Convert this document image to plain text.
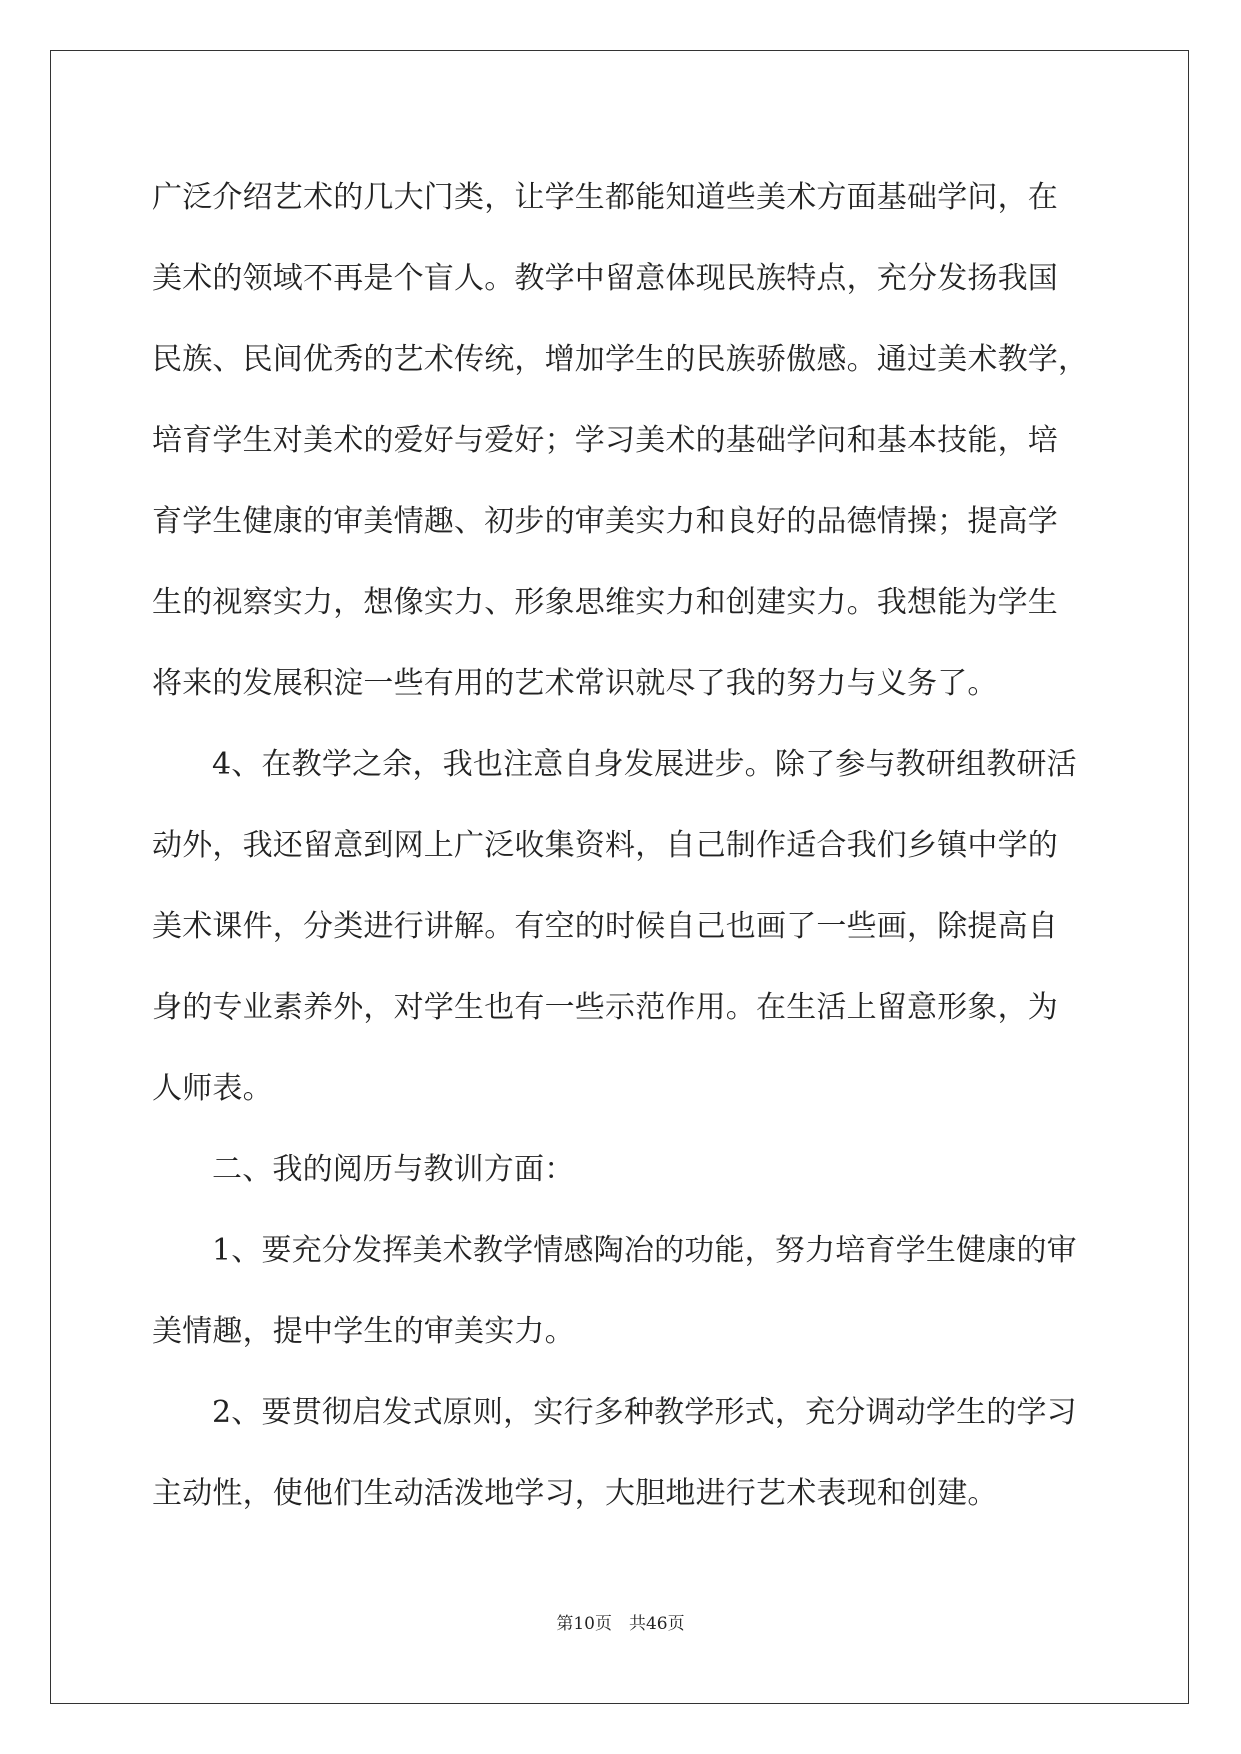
广泛介绍艺术的几大门类，让学生都能知道些美术方面基础学问，在
美术的领域不再是个盲人。教学中留意体现民族特点，充分发扬我国
民族、民间优秀的艺术传统，增加学生的民族骄傲感。通过美术教学，
培育学生对美术的爱好与爱好；学习美术的基础学问和基本技能，培
育学生健康的审美情趣、初步的审美实力和良好的品德情操；提高学
生的视察实力，想像实力、形象思维实力和创建实力。我想能为学生
将来的发展积淀一些有用的艺术常识就尽了我的努力与义务了。
4、在教学之余，我也注意自身发展进步。除了参与教研组教研活
动外，我还留意到网上广泛收集资料，自己制作适合我们乡镇中学的
美术课件，分类进行讲解。有空的时候自己也画了一些画，除提高自
身的专业素养外，对学生也有一些示范作用。在生活上留意形象，为
人师表。
二、我的阅历与教训方面：
1、要充分发挥美术教学情感陶冶的功能，努力培育学生健康的审
美情趣，提中学生的审美实力。
2、要贯彻启发式原则，实行多种教学形式，充分调动学生的学习
主动性，使他们生动活泼地学习，大胆地进行艺术表现和创建。
第10页　共46页
